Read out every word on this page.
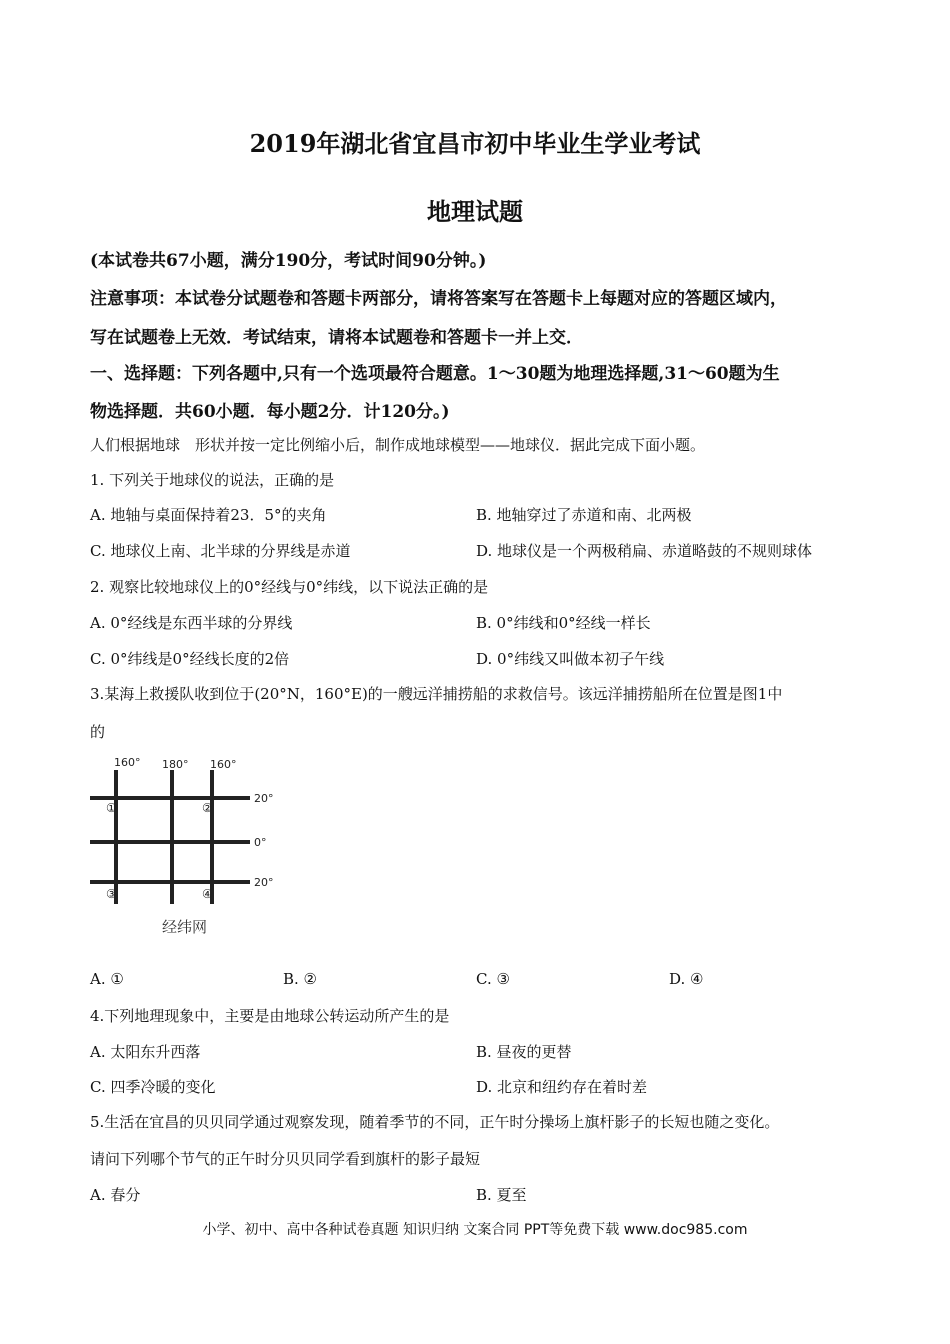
2019年湖北省宜昌市初中毕业生学业考试
地理试题
(本试卷共67小题，满分190分，考试时间90分钟。)
注意事项：本试卷分试题卷和答题卡两部分，请将答案写在答题卡上每题对应的答题区域内，
写在试题卷上无效．考试结束，请将本试题卷和答题卡一并上交．
一、选择题：下列各题中,只有一个选项最符合题意。1～30题为地理选择题,31～60题为生
物选择题．共60小题．每小题2分．计120分。)
人们根据地球　形状并按一定比例缩小后，制作成地球模型——地球仪．据此完成下面小题。
1. 下列关于地球仪的说法，正确的是
A. 地轴与桌面保持着23．5°的夹角	B. 地轴穿过了赤道和南、北两极
C. 地球仪上南、北半球的分界线是赤道	D. 地球仪是一个两极稍扁、赤道略鼓的不规则球体
2. 观察比较地球仪上的0°经线与0°纬线，以下说法正确的是
A. 0°经线是东西半球的分界线	B. 0°纬线和0°经线一样长
C. 0°纬线是0°经线长度的2倍	D. 0°纬线又叫做本初子午线
3.某海上救援队收到位于(20°N，160°E)的一艘远洋捕捞船的求救信号。该远洋捕捞船所在位置是图1中
的
160° 180° 160°
20°
0°
20°
①	②
③	④
经纬网
A. ①	B. ②	C. ③	D. ④
4.下列地理现象中，主要是由地球公转运动所产生的是
A. 太阳东升西落	B. 昼夜的更替
C. 四季冷暖的变化	D. 北京和纽约存在着时差
5.生活在宜昌的贝贝同学通过观察发现，随着季节的不同，正午时分操场上旗杆影子的长短也随之变化。
请问下列哪个节气的正午时分贝贝同学看到旗杆的影子最短
A. 春分	B. 夏至
小学、初中、高中各种试卷真题 知识归纳 文案合同 PPT等免费下载 www.doc985.com
